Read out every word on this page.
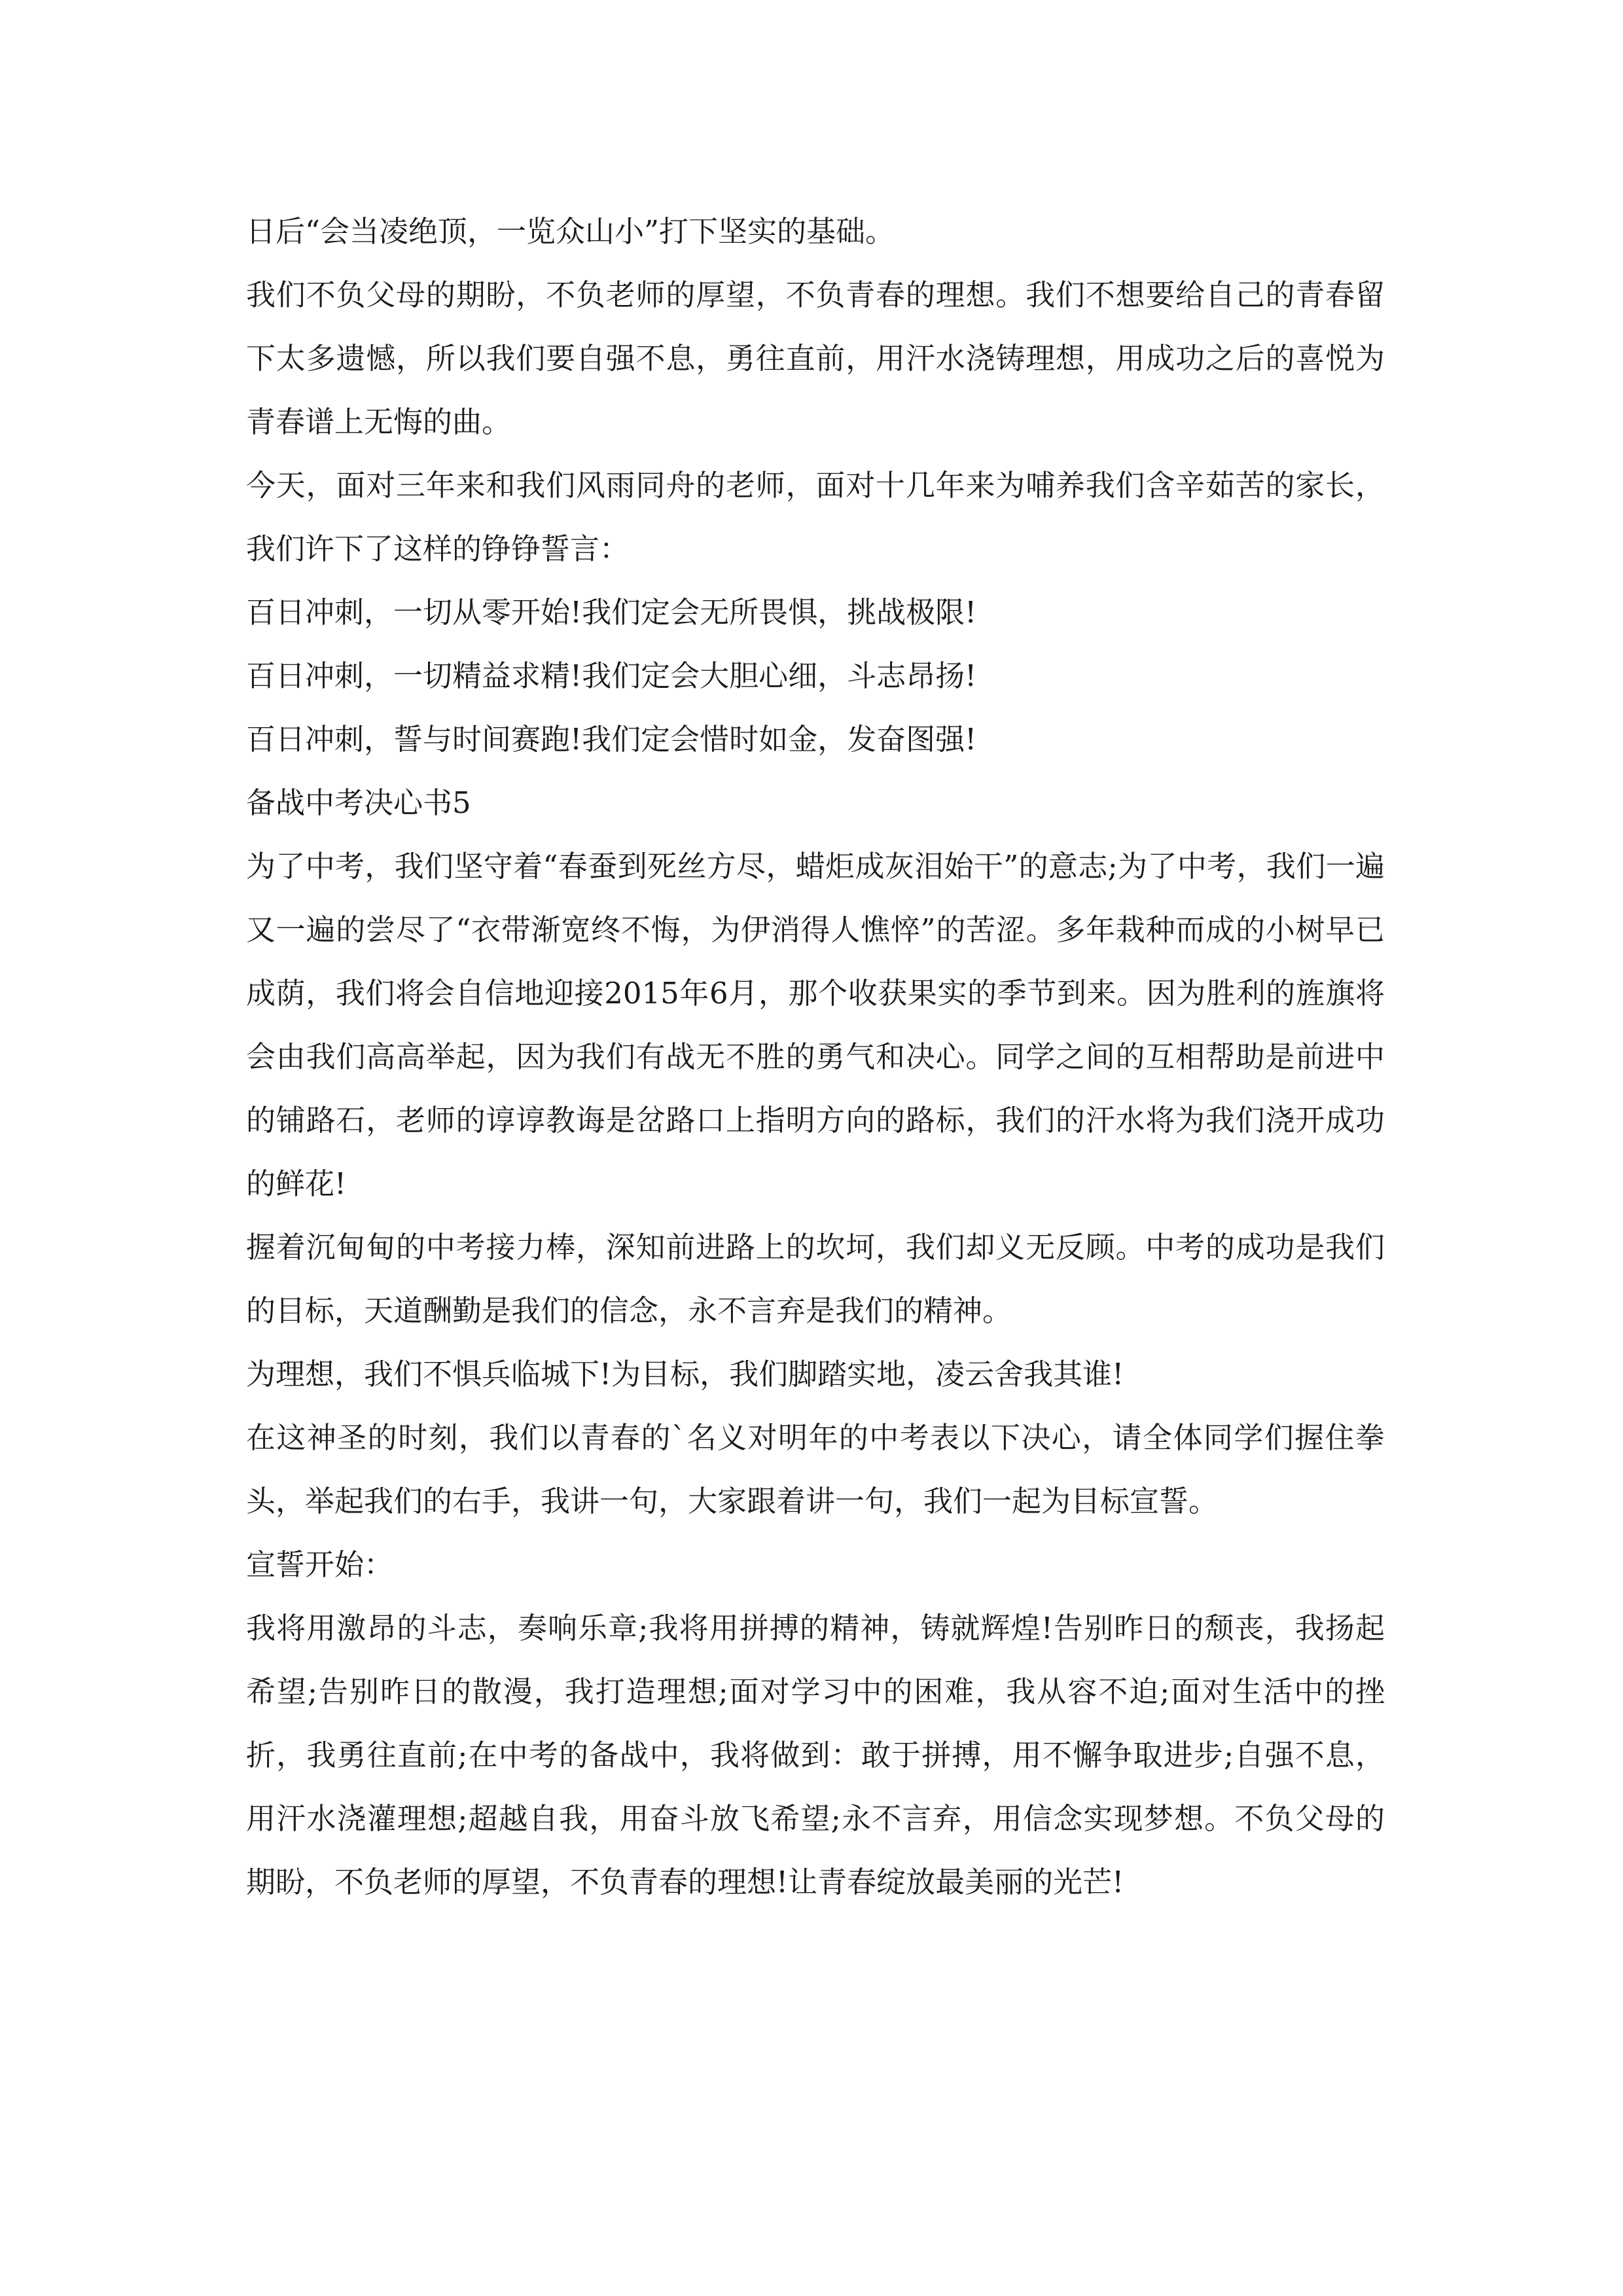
日后“会当凌绝顶，一览众山小”打下坚实的基础。

我们不负父母的期盼，不负老师的厚望，不负青春的理想。我们不想要给自己的青春留下太多遗憾，所以我们要自强不息，勇往直前，用汗水浇铸理想，用成功之后的喜悦为青春谱上无悔的曲。

今天，面对三年来和我们风雨同舟的老师，面对十几年来为哺养我们含辛茹苦的家长，我们许下了这样的铮铮誓言：

百日冲刺，一切从零开始!我们定会无所畏惧，挑战极限!

百日冲刺，一切精益求精!我们定会大胆心细，斗志昂扬!

百日冲刺，誓与时间赛跑!我们定会惜时如金，发奋图强!

备战中考决心书5

为了中考，我们坚守着“春蚕到死丝方尽，蜡炬成灰泪始干”的意志;为了中考，我们一遍又一遍的尝尽了“衣带渐宽终不悔，为伊消得人憔悴”的苦涩。多年栽种而成的小树早已成荫，我们将会自信地迎接2015年6月，那个收获果实的季节到来。因为胜利的旌旗将会由我们高高举起，因为我们有战无不胜的勇气和决心。同学之间的互相帮助是前进中的铺路石，老师的谆谆教诲是岔路口上指明方向的路标，我们的汗水将为我们浇开成功的鲜花!

握着沉甸甸的中考接力棒，深知前进路上的坎坷，我们却义无反顾。中考的成功是我们的目标，天道酬勤是我们的信念，永不言弃是我们的精神。

为理想，我们不惧兵临城下!为目标，我们脚踏实地，凌云舍我其谁!

在这神圣的时刻，我们以青春的`名义对明年的中考表以下决心，请全体同学们握住拳头，举起我们的右手，我讲一句，大家跟着讲一句，我们一起为目标宣誓。

宣誓开始：

我将用激昂的斗志，奏响乐章;我将用拼搏的精神，铸就辉煌!告别昨日的颓丧，我扬起希望;告别昨日的散漫，我打造理想;面对学习中的困难，我从容不迫;面对生活中的挫折，我勇往直前;在中考的备战中，我将做到：敢于拼搏，用不懈争取进步;自强不息，用汗水浇灌理想;超越自我，用奋斗放飞希望;永不言弃，用信念实现梦想。不负父母的期盼，不负老师的厚望，不负青春的理想!让青春绽放最美丽的光芒!
